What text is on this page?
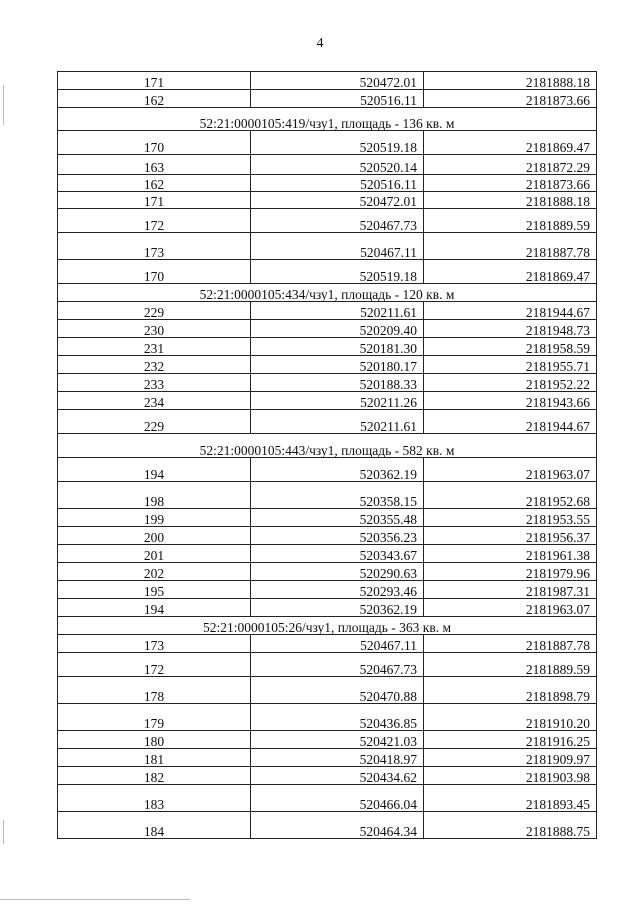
4
171	520472.01	2181888.18
162	520516.11	2181873.66
52:21:0000105:419/чзу1, площадь - 136 кв. м		
170	520519.18	2181869.47
163	520520.14	2181872.29
162	520516.11	2181873.66
171	520472.01	2181888.18
172	520467.73	2181889.59
173	520467.11	2181887.78
170	520519.18	2181869.47
52:21:0000105:434/чзу1, площадь - 120 кв. м		
229	520211.61	2181944.67
230	520209.40	2181948.73
231	520181.30	2181958.59
232	520180.17	2181955.71
233	520188.33	2181952.22
234	520211.26	2181943.66
229	520211.61	2181944.67
52:21:0000105:443/чзу1, площадь - 582 кв. м		
194	520362.19	2181963.07
198	520358.15	2181952.68
199	520355.48	2181953.55
200	520356.23	2181956.37
201	520343.67	2181961.38
202	520290.63	2181979.96
195	520293.46	2181987.31
194	520362.19	2181963.07
52:21:0000105:26/чзу1, площадь - 363 кв. м		
173	520467.11	2181887.78
172	520467.73	2181889.59
178	520470.88	2181898.79
179	520436.85	2181910.20
180	520421.03	2181916.25
181	520418.97	2181909.97
182	520434.62	2181903.98
183	520466.04	2181893.45
184	520464.34	2181888.75
